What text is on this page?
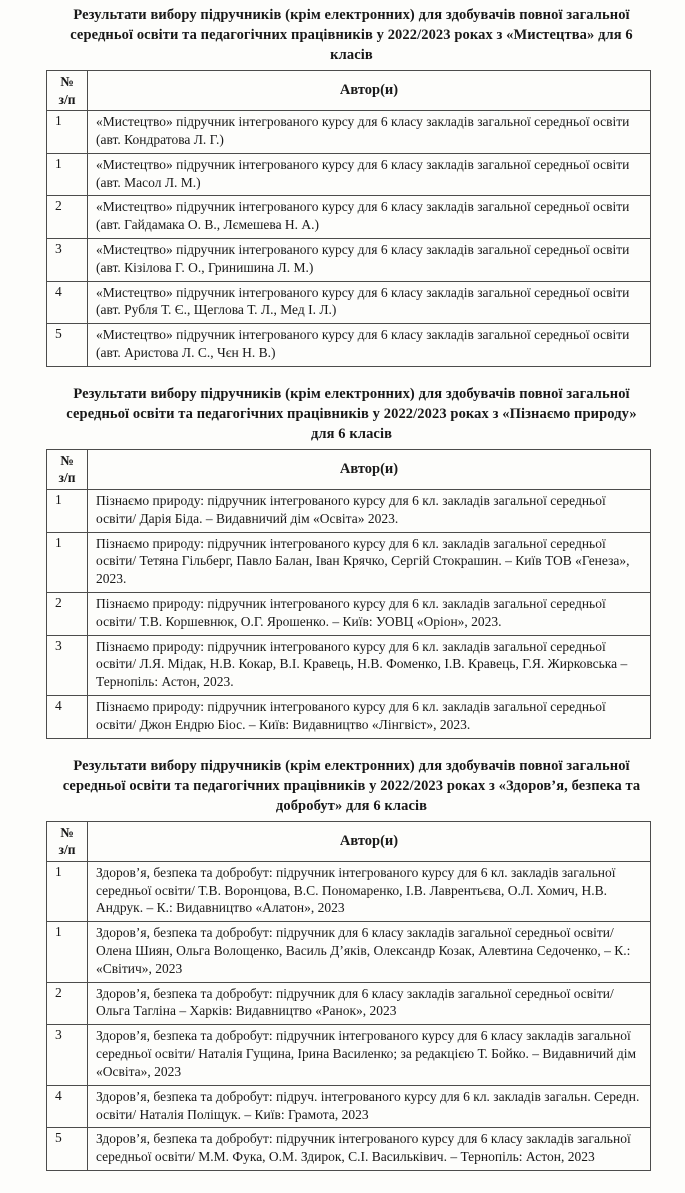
Результати вибору підручників (крім електронних) для здобувачів повної загальної середньої освіти та педагогічних працівників у 2022/2023 роках з «Мистецтва» для 6 класів
№
з/п	Автор(и)
1	«Мистецтво» підручник інтегрованого курсу для 6 класу закладів загальної середньої освіти (авт. Кондратова Л. Г.)
1	«Мистецтво» підручник інтегрованого курсу для 6 класу закладів загальної середньої освіти (авт. Масол Л. М.)
2	«Мистецтво» підручник інтегрованого курсу для 6 класу закладів загальної середньої освіти (авт. Гайдамака О. В., Лємешева Н. А.)
3	«Мистецтво» підручник інтегрованого курсу для 6 класу закладів загальної середньої освіти (авт. Кізілова Г. О., Гринишина Л. М.)
4	«Мистецтво» підручник інтегрованого курсу для 6 класу закладів загальної середньої освіти (авт. Рубля Т. Є., Щеглова Т. Л., Мед І. Л.)
5	«Мистецтво» підручник інтегрованого курсу для 6 класу закладів загальної середньої освіти (авт. Аристова Л. С., Чєн Н. В.)
Результати вибору підручників (крім електронних) для здобувачів повної загальної середньої освіти та педагогічних працівників у 2022/2023 роках з «Пізнаємо природу» для 6 класів
№
з/п	Автор(и)
1	Пізнаємо природу: підручник інтегрованого курсу для 6 кл. закладів загальної середньої освіти/ Дарія Біда. – Видавничий дім «Освіта» 2023.
1	Пізнаємо природу: підручник інтегрованого курсу для 6 кл. закладів загальної середньої освіти/ Тетяна Гільберг, Павло Балан, Іван Крячко, Сергій Стокрашин. – Київ ТОВ «Генеза», 2023.
2	Пізнаємо природу: підручник інтегрованого курсу для 6 кл. закладів загальної середньої освіти/ Т.В. Коршевнюк, О.Г. Ярошенко. – Київ: УОВЦ «Оріон», 2023.
3	Пізнаємо природу: підручник інтегрованого курсу для 6 кл. закладів загальної середньої освіти/ Л.Я. Мідак, Н.В. Кокар, В.І. Кравець, Н.В. Фоменко, І.В. Кравець, Г.Я. Жирковська – Тернопіль: Астон, 2023.
4	Пізнаємо природу: підручник інтегрованого курсу для 6 кл. закладів загальної середньої освіти/ Джон Ендрю Біос. – Київ: Видавництво «Лінгвіст», 2023.
Результати вибору підручників (крім електронних) для здобувачів повної загальної середньої освіти та педагогічних працівників у 2022/2023 роках з «Здоров’я, безпека та добробут» для 6 класів
№
з/п	Автор(и)
1	Здоров’я, безпека та добробут: підручник інтегрованого курсу для 6 кл. закладів загальної середньої освіти/ Т.В. Воронцова, В.С. Пономаренко, І.В. Лаврентьєва, О.Л. Хомич, Н.В. Андрук. – К.: Видавництво «Алатон», 2023
1	Здоров’я, безпека та добробут: підручник для 6 класу закладів загальної середньої освіти/ Олена Шиян, Ольга Волощенко, Василь Д’яків, Олександр Козак, Алевтина Седоченко, – К.: «Світич», 2023
2	Здоров’я, безпека та добробут: підручник для 6 класу закладів загальної середньої освіти/ Ольга Тагліна – Харків: Видавництво «Ранок», 2023
3	Здоров’я, безпека та добробут: підручник інтегрованого курсу для 6 класу закладів загальної середньої освіти/ Наталія Гущина, Ірина Василенко; за редакцією Т. Бойко. – Видавничий дім «Освіта», 2023
4	Здоров’я, безпека та добробут: підруч. інтегрованого курсу для 6 кл. закладів загальн. Середн. освіти/ Наталія Поліщук. – Київ: Грамота, 2023
5	Здоров’я, безпека та добробут: підручник інтегрованого курсу для 6 класу закладів загальної середньої освіти/ М.М. Фука, О.М. Здирок, С.І. Васильківич. – Тернопіль: Астон, 2023
